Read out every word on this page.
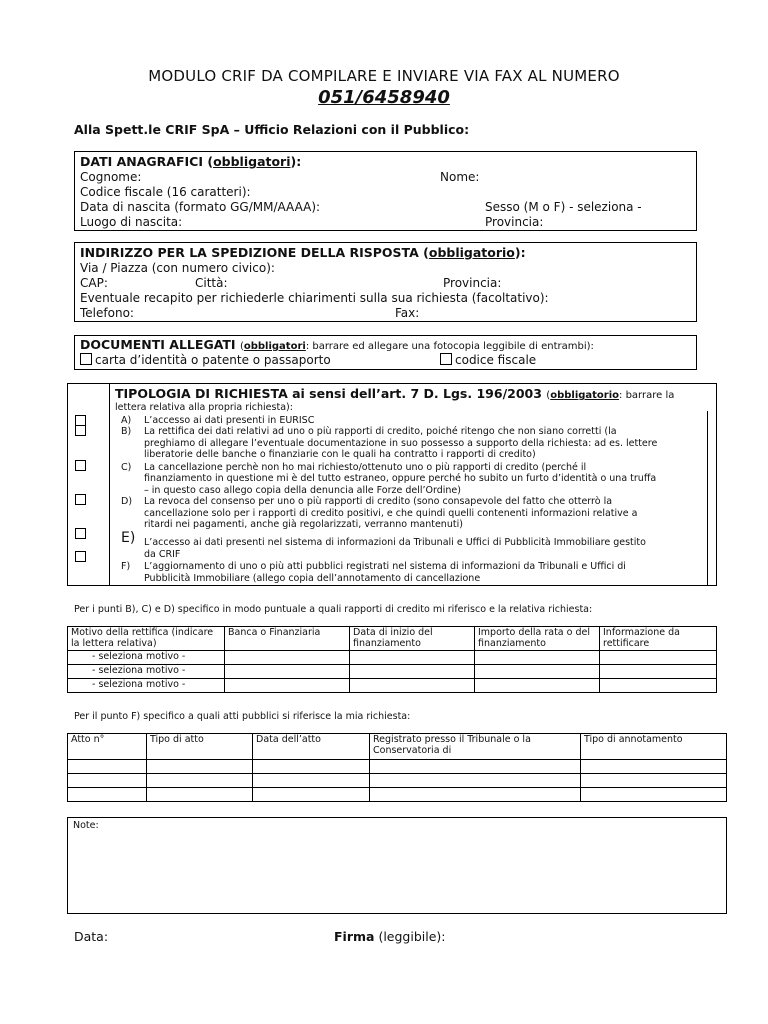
MODULO CRIF DA COMPILARE E INVIARE VIA FAX AL NUMERO
051/6458940
Alla Spett.le CRIF SpA – Ufficio Relazioni con il Pubblico:
DATI ANAGRAFICI (obbligatori):
Cognome:	Nome:
Codice fiscale (16 caratteri):
Data di nascita (formato GG/MM/AAAA):	Sesso (M o F) - seleziona -
Luogo di nascita:	Provincia:
INDIRIZZO PER LA SPEDIZIONE DELLA RISPOSTA (obbligatorio):
Via / Piazza (con numero civico):
CAP:	Città:	Provincia:
Eventuale recapito per richiederle chiarimenti sulla sua richiesta (facoltativo):
Telefono:	Fax:
DOCUMENTI ALLEGATI (obbligatori: barrare ed allegare una fotocopia leggibile di entrambi):
carta d’identità o patente o passaporto	codice fiscale
TIPOLOGIA DI RICHIESTA ai sensi dell’art. 7 D. Lgs. 196/2003 (obbligatorio: barrare la
lettera relativa alla propria richiesta):
A) L’accesso ai dati presenti in EURISC
B) La rettifica dei dati relativi ad uno o più rapporti di credito, poiché ritengo che non siano corretti (la
preghiamo di allegare l’eventuale documentazione in suo possesso a supporto della richiesta: ad es. lettere
liberatorie delle banche o finanziarie con le quali ha contratto i rapporti di credito)
C) La cancellazione perchè non ho mai richiesto/ottenuto uno o più rapporti di credito (perché il
finanziamento in questione mi è del tutto estraneo, oppure perché ho subito un furto d’identità o una truffa
– in questo caso allego copia della denuncia alle Forze dell’Ordine)
D) La revoca del consenso per uno o più rapporti di credito (sono consapevole del fatto che otterrò la
cancellazione solo per i rapporti di credito positivi, e che quindi quelli contenenti informazioni relative a
ritardi nei pagamenti, anche già regolarizzati, verranno mantenuti)
E) L’accesso ai dati presenti nel sistema di informazioni da Tribunali e Uffici di Pubblicità Immobiliare gestito
da CRIF
F) L’aggiornamento di uno o più atti pubblici registrati nel sistema di informazioni da Tribunali e Uffici di
Pubblicità Immobiliare (allego copia dell’annotamento di cancellazione
Per i punti B), C) e D) specifico in modo puntuale a quali rapporti di credito mi riferisco e la relativa richiesta:
Motivo della rettifica (indicare la lettera relativa)	Banca o Finanziaria	Data di inizio del finanziamento	Importo della rata o del finanziamento	Informazione da rettificare
- seleziona motivo -				
- seleziona motivo -				
- seleziona motivo -				
Per il punto F) specifico a quali atti pubblici si riferisce la mia richiesta:
Atto n°	Tipo di atto	Data dell’atto	Registrato presso il Tribunale o la Conservatoria di	Tipo di annotamento

Note:
Data:	Firma (leggibile):
